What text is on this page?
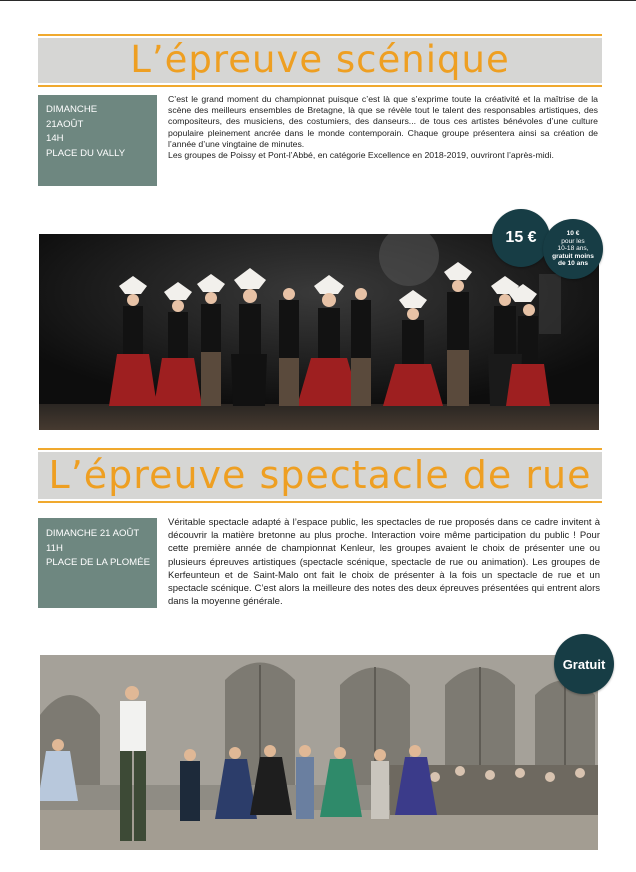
L’épreuve scénique
DIMANCHE
21AOÛT
14H
PLACE DU VALLY

C’est le grand moment du championnat puisque c’est là que s’exprime toute la créativité et la maîtrise de la scène des meilleurs ensembles de Bretagne, là que se révèle tout le talent des responsables artistiques, des compositeurs, des musiciens, des costumiers, des danseurs... de tous ces artistes bénévoles d’une culture populaire pleinement ancrée dans le monde contemporain. Chaque groupe présentera ainsi sa création de l’année d’une vingtaine de minutes.

Les groupes de Poissy et Pont-l’Abbé, en catégorie Excellence en 2018-2019, ouvriront l’après-midi.

15 €	10 €
pour les
10-18 ans,
gratuit moins
de 10 ans
L’épreuve spectacle de rue
DIMANCHE 21 AOÛT
11H
PLACE DE LA PLOMÉE

Véritable spectacle adapté à l’espace public, les spectacles de rue proposés dans ce cadre invitent à découvrir la matière bretonne au plus proche. Interaction voire même participation du public ! Pour cette première année de championnat Kenleur, les groupes avaient le choix de présenter une ou plusieurs épreuves artistiques (spectacle scénique, spectacle de rue ou animation). Les groupes de Kerfeunteun et de Saint-Malo ont fait le choix de présenter à la fois un spectacle de rue et un spectacle scénique. C’est alors la meilleure des notes des deux épreuves présentées qui entrent alors dans la moyenne générale.

Gratuit
